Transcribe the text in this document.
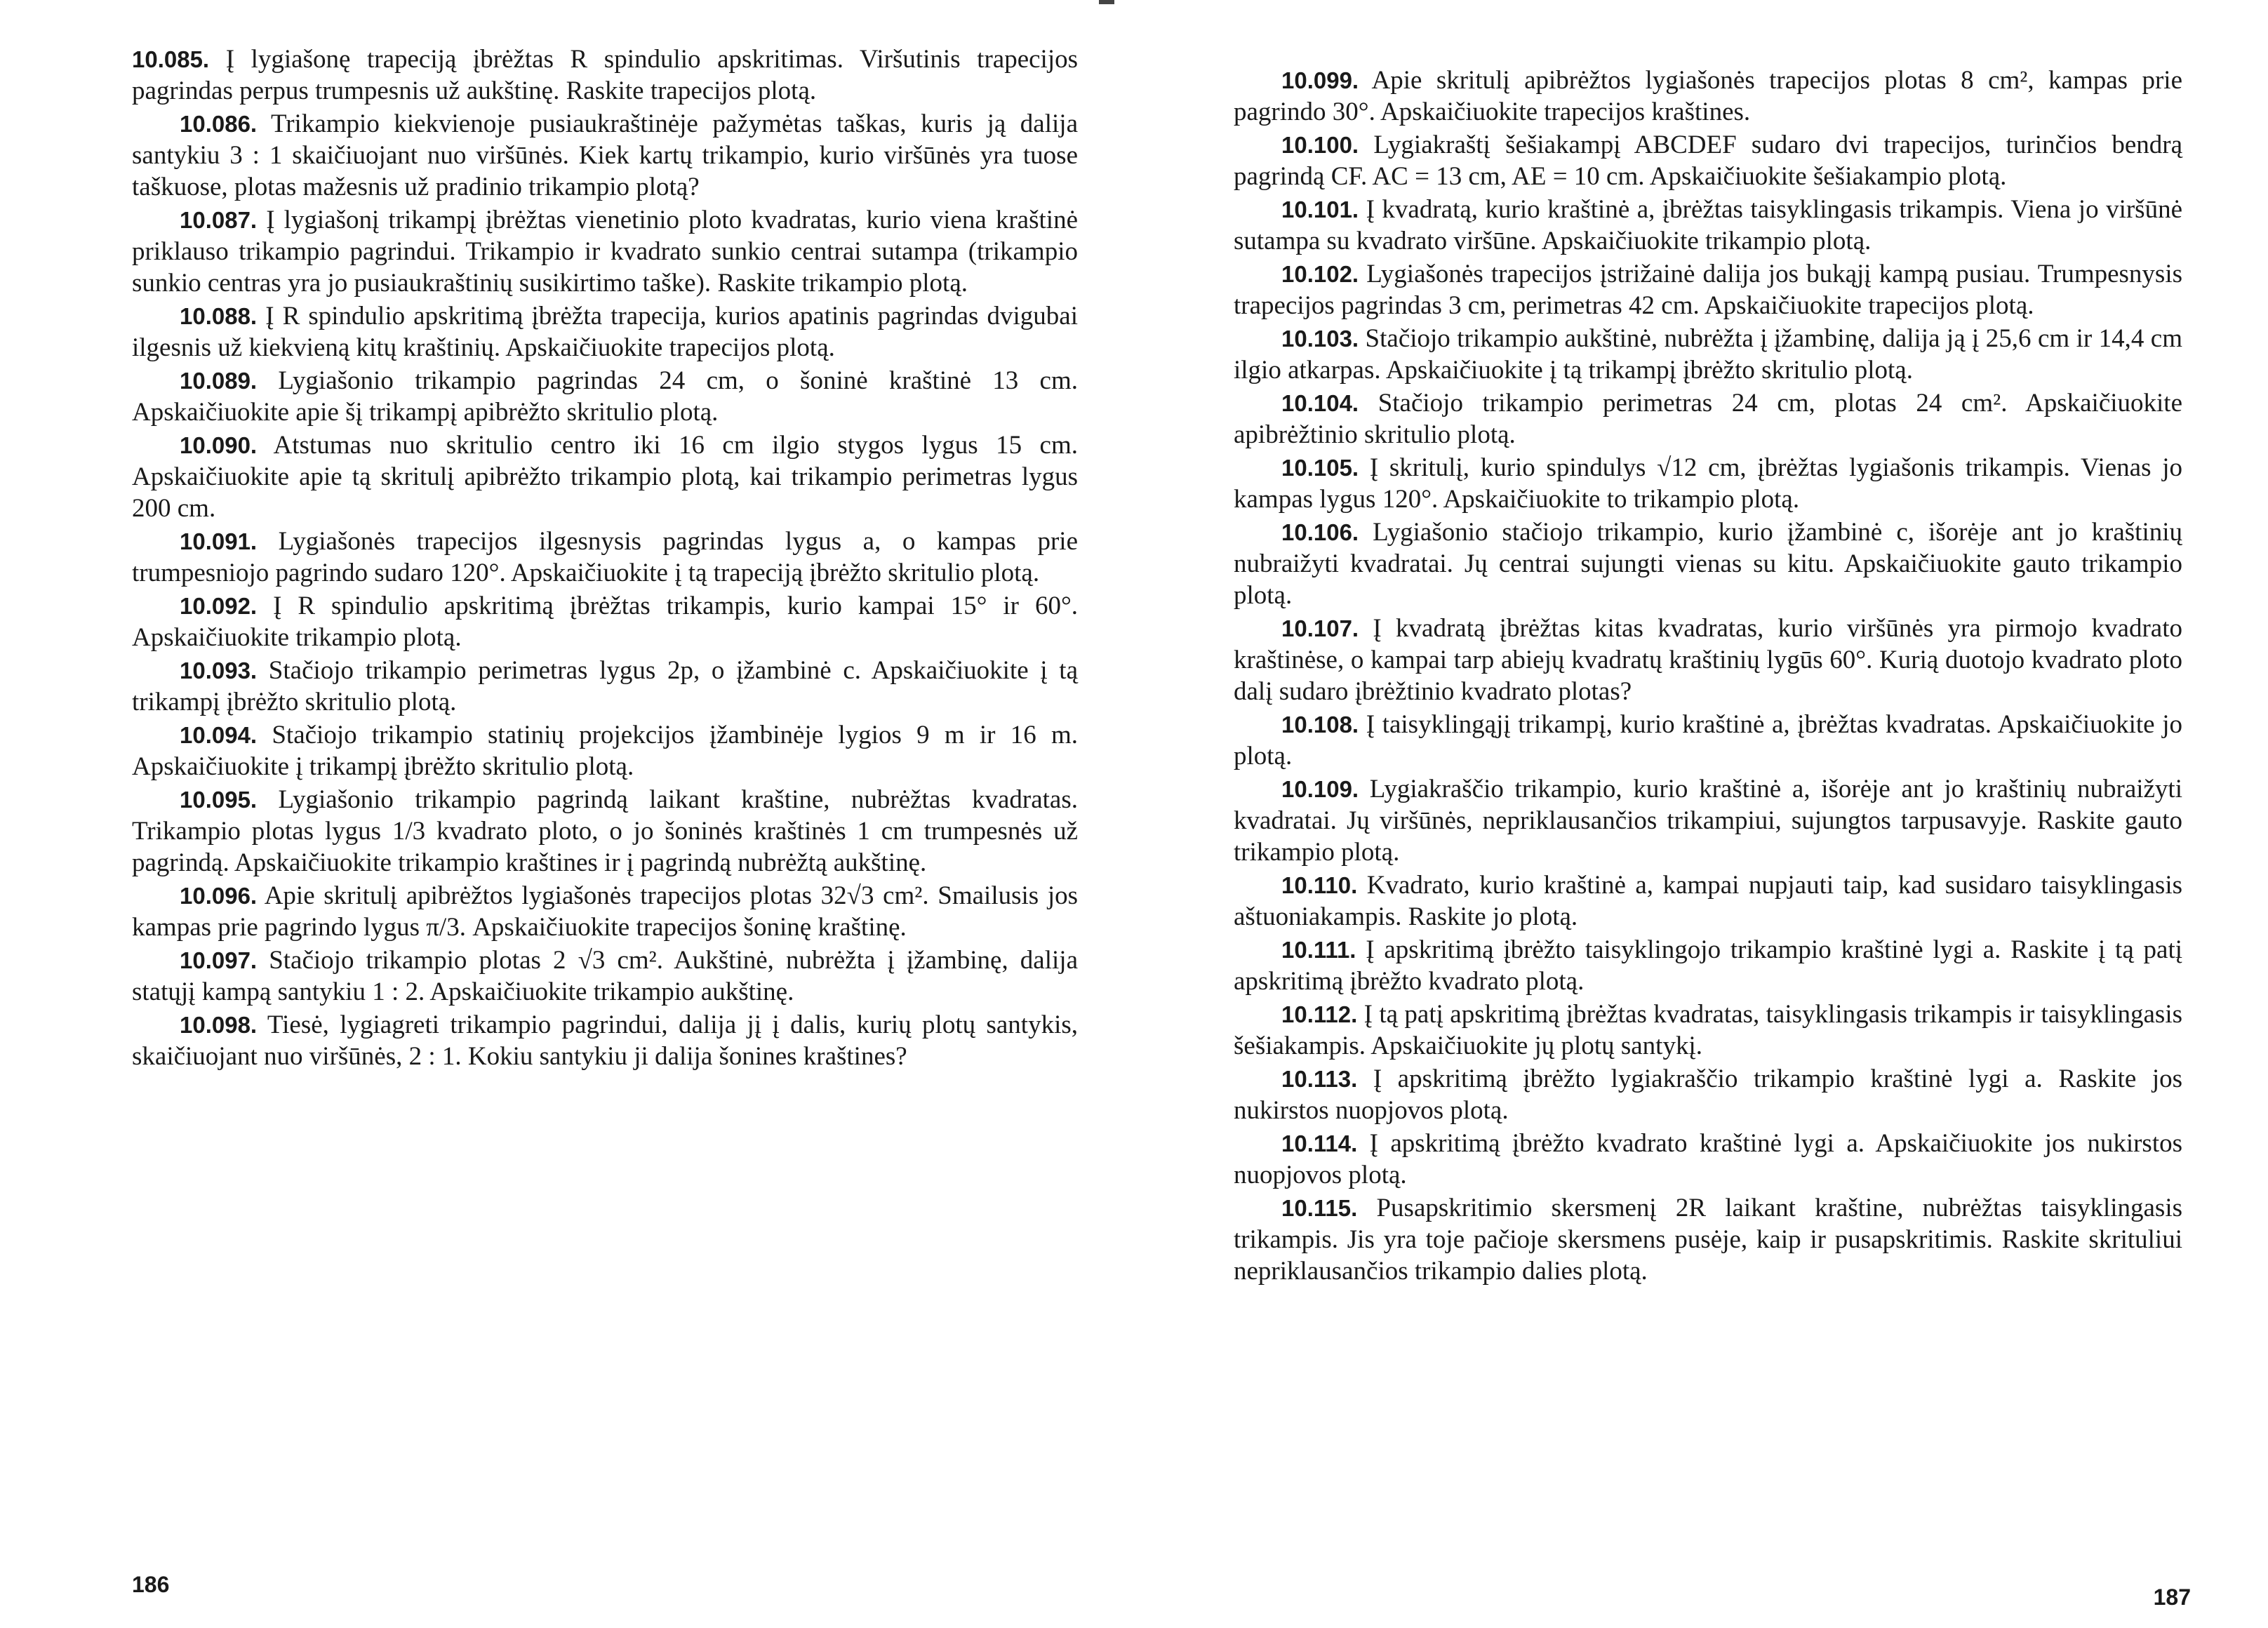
10.085. Į lygiašonę trapeciją įbrėžtas R spindulio apskritimas. Viršutinis trapecijos pagrindas perpus trumpesnis už aukštinę. Raskite trapecijos plotą.

10.086. Trikampio kiekvienoje pusiaukraštinėje pažymėtas taškas, kuris ją dalija santykiu 3 : 1 skaičiuojant nuo viršūnės. Kiek kartų trikampio, kurio viršūnės yra tuose taškuose, plotas mažesnis už pradinio trikampio plotą?

10.087. Į lygiašonį trikampį įbrėžtas vienetinio ploto kvadratas, kurio viena kraštinė priklauso trikampio pagrindui. Trikampio ir kvadrato sunkio centrai sutampa (trikampio sunkio centras yra jo pusiaukraštinių susikirtimo taške). Raskite trikampio plotą.

10.088. Į R spindulio apskritimą įbrėžta trapecija, kurios apatinis pagrindas dvigubai ilgesnis už kiekvieną kitų kraštinių. Apskaičiuokite trapecijos plotą.

10.089. Lygiašonio trikampio pagrindas 24 cm, o šoninė kraštinė 13 cm. Apskaičiuokite apie šį trikampį apibrėžto skritulio plotą.

10.090. Atstumas nuo skritulio centro iki 16 cm ilgio stygos lygus 15 cm. Apskaičiuokite apie tą skritulį apibrėžto trikampio plotą, kai trikampio perimetras lygus 200 cm.

10.091. Lygiašonės trapecijos ilgesnysis pagrindas lygus a, o kampas prie trumpesniojo pagrindo sudaro 120°. Apskaičiuokite į tą trapeciją įbrėžto skritulio plotą.

10.092. Į R spindulio apskritimą įbrėžtas trikampis, kurio kampai 15° ir 60°. Apskaičiuokite trikampio plotą.

10.093. Stačiojo trikampio perimetras lygus 2p, o įžambinė c. Apskaičiuokite į tą trikampį įbrėžto skritulio plotą.

10.094. Stačiojo trikampio statinių projekcijos įžambinėje lygios 9 m ir 16 m. Apskaičiuokite į trikampį įbrėžto skritulio plotą.

10.095. Lygiašonio trikampio pagrindą laikant kraštine, nubrėžtas kvadratas. Trikampio plotas lygus 1/3 kvadrato ploto, o jo šoninės kraštinės 1 cm trumpesnės už pagrindą. Apskaičiuokite trikampio kraštines ir į pagrindą nubrėžtą aukštinę.

10.096. Apie skritulį apibrėžtos lygiašonės trapecijos plotas 32√3 cm². Smailusis jos kampas prie pagrindo lygus π/3. Apskaičiuokite trapecijos šoninę kraštinę.

10.097. Stačiojo trikampio plotas 2 √3 cm². Aukštinė, nubrėžta į įžambinę, dalija statųjį kampą santykiu 1 : 2. Apskaičiuokite trikampio aukštinę.

10.098. Tiesė, lygiagreti trikampio pagrindui, dalija jį į dalis, kurių plotų santykis, skaičiuojant nuo viršūnės, 2 : 1. Kokiu santykiu ji dalija šonines kraštines?

186

10.099. Apie skritulį apibrėžtos lygiašonės trapecijos plotas 8 cm², kampas prie pagrindo 30°. Apskaičiuokite trapecijos kraštines.

10.100. Lygiakraštį šešiakampį ABCDEF sudaro dvi trapecijos, turinčios bendrą pagrindą CF. AC = 13 cm, AE = 10 cm. Apskaičiuokite šešiakampio plotą.

10.101. Į kvadratą, kurio kraštinė a, įbrėžtas taisyklingasis trikampis. Viena jo viršūnė sutampa su kvadrato viršūne. Apskaičiuokite trikampio plotą.

10.102. Lygiašonės trapecijos įstrižainė dalija jos bukąjį kampą pusiau. Trumpesnysis trapecijos pagrindas 3 cm, perimetras 42 cm. Apskaičiuokite trapecijos plotą.

10.103. Stačiojo trikampio aukštinė, nubrėžta į įžambinę, dalija ją į 25,6 cm ir 14,4 cm ilgio atkarpas. Apskaičiuokite į tą trikampį įbrėžto skritulio plotą.

10.104. Stačiojo trikampio perimetras 24 cm, plotas 24 cm². Apskaičiuokite apibrėžtinio skritulio plotą.

10.105. Į skritulį, kurio spindulys √12 cm, įbrėžtas lygiašonis trikampis. Vienas jo kampas lygus 120°. Apskaičiuokite to trikampio plotą.

10.106. Lygiašonio stačiojo trikampio, kurio įžambinė c, išorėje ant jo kraštinių nubraižyti kvadratai. Jų centrai sujungti vienas su kitu. Apskaičiuokite gauto trikampio plotą.

10.107. Į kvadratą įbrėžtas kitas kvadratas, kurio viršūnės yra pirmojo kvadrato kraštinėse, o kampai tarp abiejų kvadratų kraštinių lygūs 60°. Kurią duotojo kvadrato ploto dalį sudaro įbrėžtinio kvadrato plotas?

10.108. Į taisyklingąjį trikampį, kurio kraštinė a, įbrėžtas kvadratas. Apskaičiuokite jo plotą.

10.109. Lygiakraščio trikampio, kurio kraštinė a, išorėje ant jo kraštinių nubraižyti kvadratai. Jų viršūnės, nepriklausančios trikampiui, sujungtos tarpusavyje. Raskite gauto trikampio plotą.

10.110. Kvadrato, kurio kraštinė a, kampai nupjauti taip, kad susidaro taisyklingasis aštuoniakampis. Raskite jo plotą.

10.111. Į apskritimą įbrėžto taisyklingojo trikampio kraštinė lygi a. Raskite į tą patį apskritimą įbrėžto kvadrato plotą.

10.112. Į tą patį apskritimą įbrėžtas kvadratas, taisyklingasis trikampis ir taisyklingasis šešiakampis. Apskaičiuokite jų plotų santykį.

10.113. Į apskritimą įbrėžto lygiakraščio trikampio kraštinė lygi a. Raskite jos nukirstos nuopjovos plotą.

10.114. Į apskritimą įbrėžto kvadrato kraštinė lygi a. Apskaičiuokite jos nukirstos nuopjovos plotą.

10.115. Pusapskritimio skersmenį 2R laikant kraštine, nubrėžtas taisyklingasis trikampis. Jis yra toje pačioje skersmens pusėje, kaip ir pusapskritimis. Raskite skrituliui nepriklausančios trikampio dalies plotą.

187
